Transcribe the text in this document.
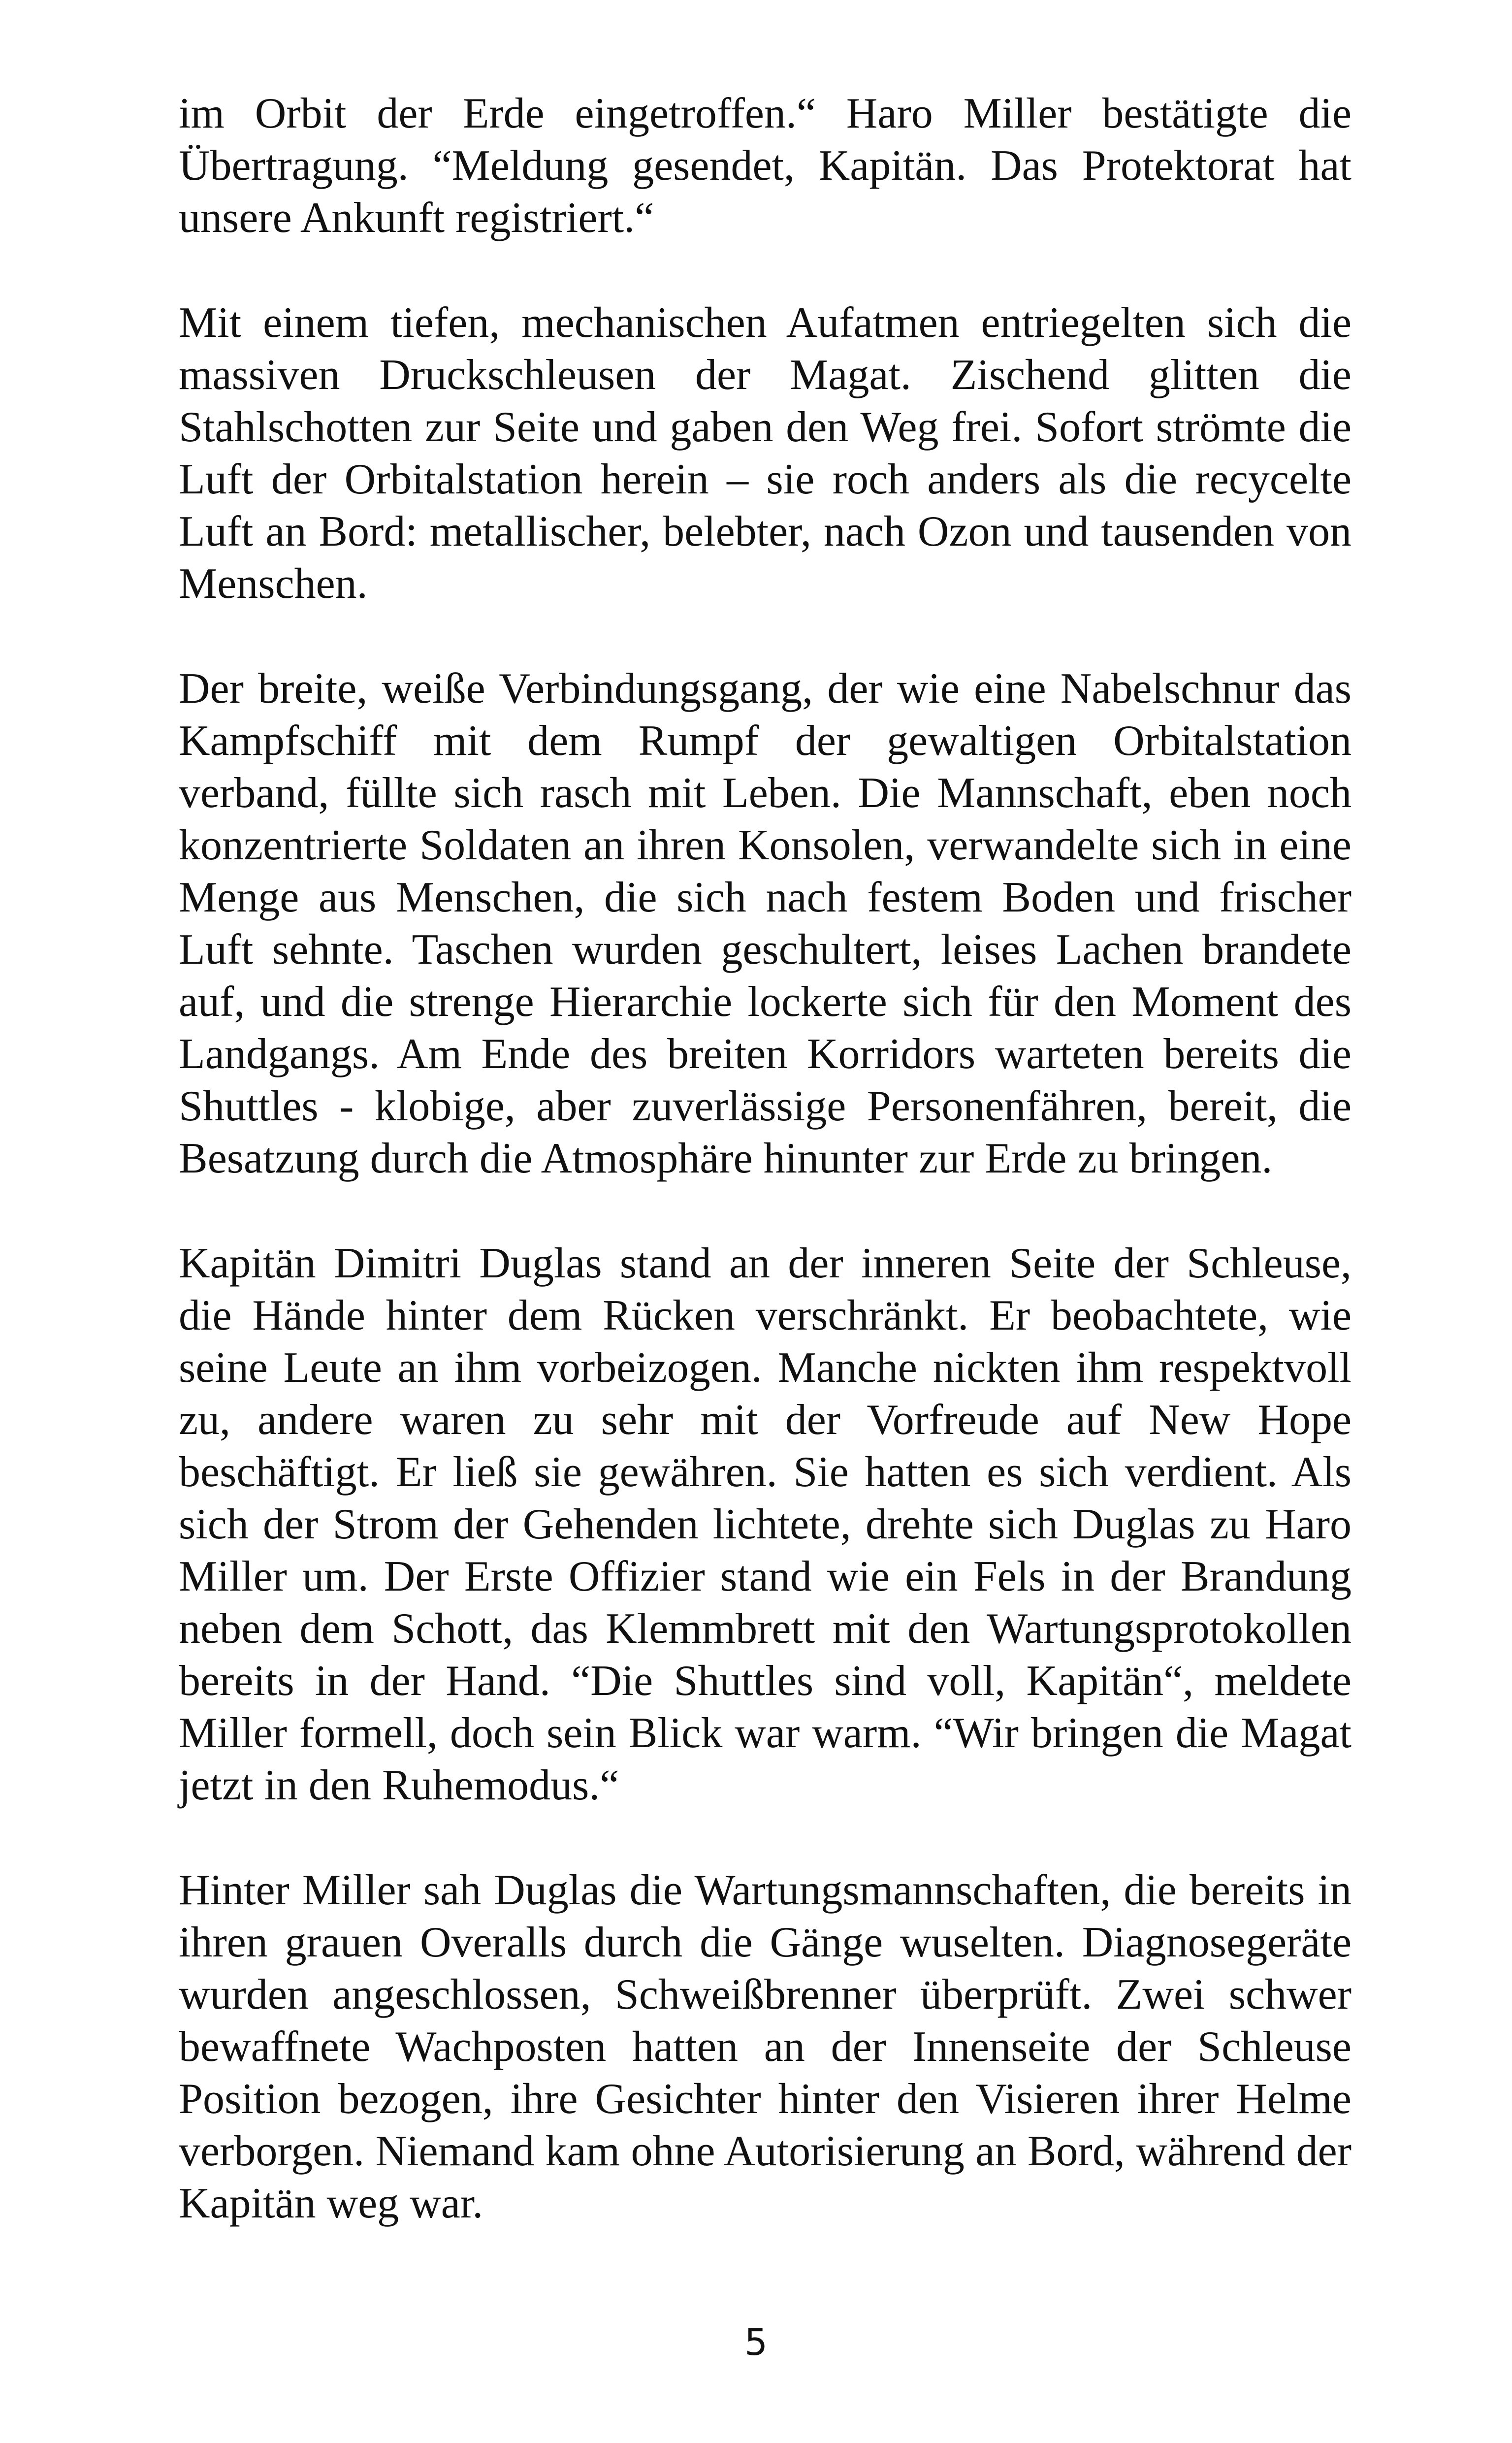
im Orbit der Erde eingetroffen.“ Haro Miller bestätigte die Übertragung. “Meldung gesendet, Kapitän. Das Protektorat hat unsere Ankunft registriert.“

Mit einem tiefen, mechanischen Aufatmen entriegelten sich die massiven Druckschleusen der Magat. Zischend glitten die Stahlschotten zur Seite und gaben den Weg frei. Sofort strömte die Luft der Orbitalstation herein – sie roch anders als die recycelte Luft an Bord: metallischer, belebter, nach Ozon und tausenden von Menschen.

Der breite, weiße Verbindungsgang, der wie eine Nabelschnur das Kampfschiff mit dem Rumpf der gewaltigen Orbitalstation verband, füllte sich rasch mit Leben. Die Mannschaft, eben noch konzentrierte Soldaten an ihren Konsolen, verwandelte sich in eine Menge aus Menschen, die sich nach festem Boden und frischer Luft sehnte. Taschen wurden geschultert, leises Lachen brandete auf, und die strenge Hierarchie lockerte sich für den Moment des Landgangs. Am Ende des breiten Korridors warteten bereits die Shuttles - klobige, aber zuverlässige Personenfähren, bereit, die Besatzung durch die Atmosphäre hinunter zur Erde zu bringen.

Kapitän Dimitri Duglas stand an der inneren Seite der Schleuse, die Hände hinter dem Rücken verschränkt. Er beobachtete, wie seine Leute an ihm vorbeizogen. Manche nickten ihm respektvoll zu, andere waren zu sehr mit der Vorfreude auf New Hope beschäftigt. Er ließ sie gewähren. Sie hatten es sich verdient. Als sich der Strom der Gehenden lichtete, drehte sich Duglas zu Haro Miller um. Der Erste Offizier stand wie ein Fels in der Brandung neben dem Schott, das Klemmbrett mit den Wartungsprotokollen bereits in der Hand. “Die Shuttles sind voll, Kapitän“, meldete Miller formell, doch sein Blick war warm. “Wir bringen die Magat jetzt in den Ruhemodus.“

Hinter Miller sah Duglas die Wartungsmannschaften, die bereits in ihren grauen Overalls durch die Gänge wuselten. Diagnosegeräte wurden angeschlossen, Schweißbrenner überprüft. Zwei schwer bewaffnete Wachposten hatten an der Innenseite der Schleuse Position bezogen, ihre Gesichter hinter den Visieren ihrer Helme verborgen. Niemand kam ohne Autorisierung an Bord, während der Kapitän weg war.

5
